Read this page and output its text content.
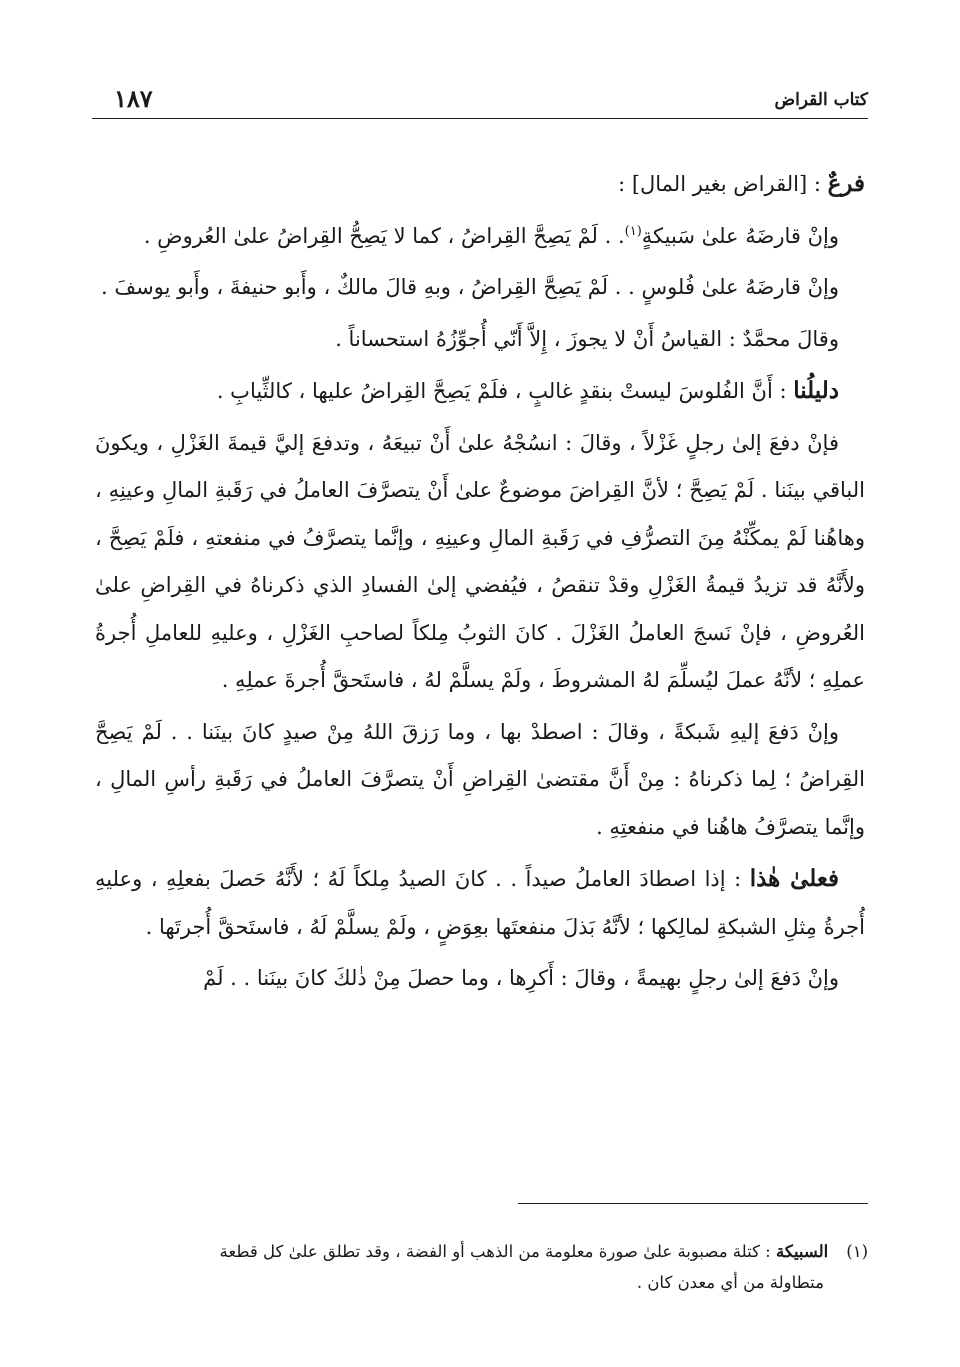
كتاب القراض
١٨٧

فرعٌ : [القراض بغير المال] :

وإنْ قارضَهُ علىٰ سَبيكةٍ$^{(١)}$. . لَمْ يَصِحَّ القِراضُ ، كما لا يَصِحُّ القِراضُ علىٰ العُروضِ .

وإنْ قارضَهُ علىٰ فُلوسٍ . . لَمْ يَصِحَّ القِراضُ ، وبهِ قالَ مالكٌ ، وأَبو حنيفةَ ، وأَبو يوسفَ .

وقالَ محمَّدٌ : القياسُ أَنْ لا يجوزَ ، إِلاَّ أَنّي أُجوِّزُهُ استحساناً .

دليلُنا : أَنَّ الفُلوسَ ليستْ بنقدٍ غالبٍ ، فلَمْ يَصِحَّ القِراضُ عليها ، كالثِّيابِ .

فإنْ دفعَ إلىٰ رجلٍ غَزْلاً ، وقالَ : انسُجْهُ علىٰ أَنْ تبيعَهُ ، وتدفعَ إليَّ قيمةَ الغَزْلِ ، ويكونَ الباقي بينَنا . لَمْ يَصِحَّ ؛ لأنَّ القِراضَ موضوعٌ علىٰ أَنْ يتصرَّفَ العاملُ في رَقَبةِ المالِ وعينِهِ ، وهاهُنا لَمْ يمكِّنْهُ مِنَ التصرُّفِ في رَقَبةِ المالِ وعينِهِ ، وإنَّما يتصرَّفُ في منفعتهِ ، فلَمْ يَصِحَّ ، ولأَنَّهُ قد تزيدُ قيمةُ الغَزْلِ وقدْ تنقصُ ، فيُفضي إلىٰ الفسادِ الذي ذكرناهُ في القِراضِ علىٰ العُروضِ ، فإنْ نَسجَ العاملُ الغَزْلَ . كانَ الثوبُ مِلكاً لصاحبِ الغَزْلِ ، وعليهِ للعاملِ أُجرةُ عملِهِ ؛ لأنَّهُ عملَ ليُسلِّمَ لهُ المشروطَ ، ولَمْ يسلَّمْ لهُ ، فاستَحقَّ أُجرةَ عملِهِ .

وإنْ دَفعَ إليهِ شَبكةً ، وقالَ : اصطدْ بها ، وما رَزقَ اللهُ مِنْ صيدٍ كانَ بينَنا . . لَمْ يَصِحَّ القِراضُ ؛ لِما ذكرناهُ : مِنْ أَنَّ مقتضىٰ القِراضِ أَنْ يتصرَّفَ العاملُ في رَقَبةِ رأسِ المالِ ، وإنَّما يتصرَّفُ هاهُنا في منفعتِهِ .

فعلىٰ هٰذا : إذا اصطادَ العاملُ صيداً . . كانَ الصيدُ مِلكاً لَهُ ؛ لأَنَّهُ حَصلَ بفعلِهِ ، وعليهِ أُجرةُ مِثلِ الشبكةِ لمالِكها ؛ لأنَّهُ بَذلَ منفعتَها بعِوَضٍ ، ولَمْ يسلَّمْ لَهُ ، فاستَحقَّ أُجرتَها .

وإنْ دَفعَ إلىٰ رجلٍ بهيمةً ، وقالَ : أَكرِها ، وما حصلَ مِنْ ذٰلكَ كانَ بينَنا . . لَمْ

(١)السبيكة : كتلة مصبوبة علىٰ صورة معلومة من الذهب أو الفضة ، وقد تطلق علىٰ كل قطعة
متطاولة من أي معدن كان .
